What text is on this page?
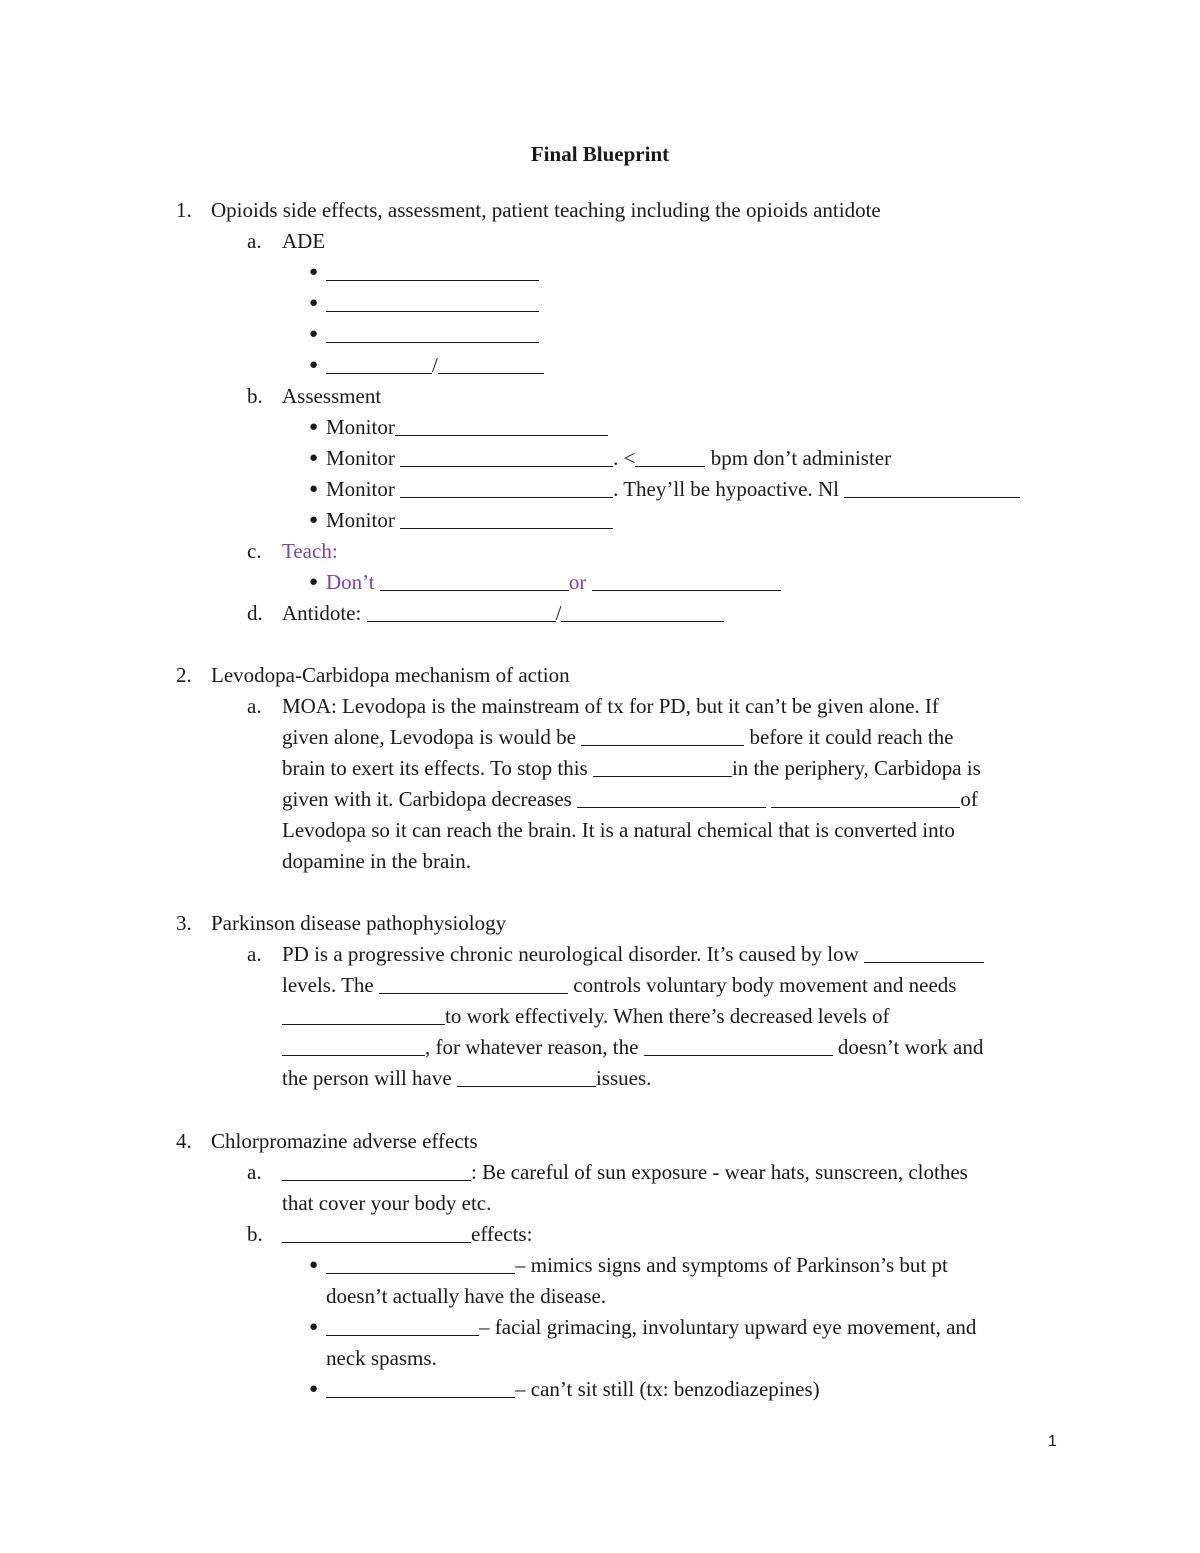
Final Blueprint
1. Opioids side effects, assessment, patient teaching including the opioids antidote
a. ADE
●
●
●
●	/
b. Assessment
● Monitor
● Monitor	. <	bpm don’t administer
● Monitor	. They’ll be hypoactive. Nl
● Monitor
c. Teach:
● Don’t	or
d. Antidote:	/
2. Levodopa-Carbidopa mechanism of action
a. MOA: Levodopa is the mainstream of tx for PD, but it can’t be given alone. If
given alone, Levodopa is would be	before it could reach the
brain to exert its effects. To stop this	in the periphery, Carbidopa is
given with it. Carbidopa decreases	of
Levodopa so it can reach the brain. It is a natural chemical that is converted into
dopamine in the brain.
3. Parkinson disease pathophysiology
a. PD is a progressive chronic neurological disorder. It’s caused by low
levels. The	controls voluntary body movement and needs
to work effectively. When there’s decreased levels of
, for whatever reason, the	doesn’t work and
the person will have	issues.
4. Chlorpromazine adverse effects
a.	: Be careful of sun exposure - wear hats, sunscreen, clothes
that cover your body etc.
b.	effects:
●	– mimics signs and symptoms of Parkinson’s but pt
doesn’t actually have the disease.
●	– facial grimacing, involuntary upward eye movement, and
neck spasms.
●	– can’t sit still (tx: benzodiazepines)
1
